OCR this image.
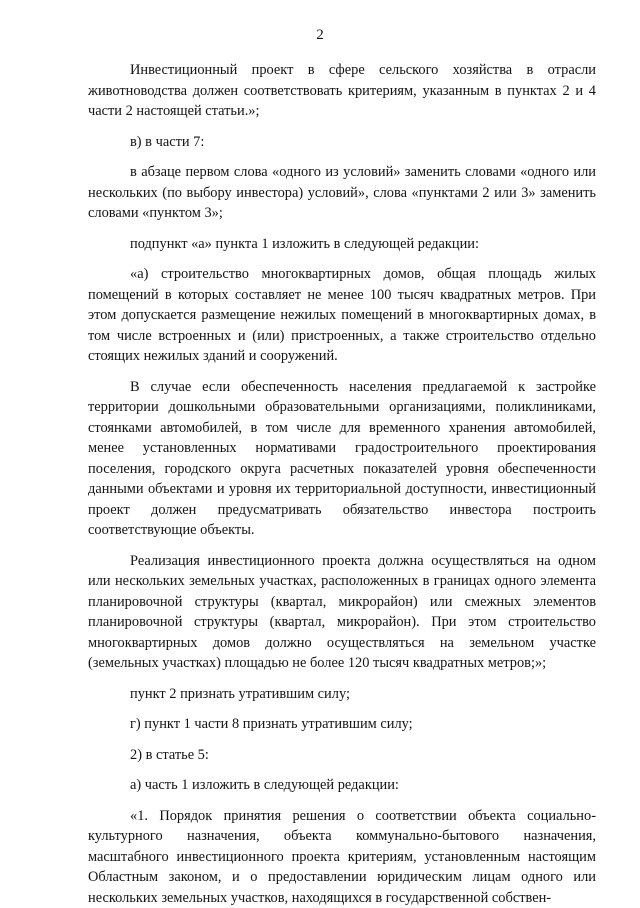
2

Инвестиционный проект в сфере сельского хозяйства в отрасли животноводства должен соответствовать критериям, указанным в пунктах 2 и 4 части 2 настоящей статьи.»;

в) в части 7:

в абзаце первом слова «одного из условий» заменить словами «одного или нескольких (по выбору инвестора) условий», слова «пунктами 2 или 3» заменить словами «пунктом 3»;

подпункт «а» пункта 1 изложить в следующей редакции:

«а) строительство многоквартирных домов, общая площадь жилых помещений в которых составляет не менее 100 тысяч квадратных метров. При этом допускается размещение нежилых помещений в многоквартирных домах, в том числе встроенных и (или) пристроенных, а также строительство отдельно стоящих нежилых зданий и сооружений.

В случае если обеспеченность населения предлагаемой к застройке территории дошкольными образовательными организациями, поликлиниками, стоянками автомобилей, в том числе для временного хранения автомобилей, менее установленных нормативами градостроительного проектирования поселения, городского округа расчетных показателей уровня обеспеченности данными объектами и уровня их территориальной доступности, инвестиционный проект должен предусматривать обязательство инвестора построить соответствующие объекты.

Реализация инвестиционного проекта должна осуществляться на одном или нескольких земельных участках, расположенных в границах одного элемента планировочной структуры (квартал, микрорайон) или смежных элементов планировочной структуры (квартал, микрорайон). При этом строительство многоквартирных домов должно осуществляться на земельном участке (земельных участках) площадью не более 120 тысяч квадратных метров;»;

пункт 2 признать утратившим силу;

г) пункт 1 части 8 признать утратившим силу;

2) в статье 5:

а) часть 1 изложить в следующей редакции:

«1. Порядок принятия решения о соответствии объекта социально-культурного назначения, объекта коммунально-бытового назначения, масштабного инвестиционного проекта критериям, установленным настоящим Областным законом, и о предоставлении юридическим лицам одного или нескольких земельных участков, находящихся в государственной собствен-
